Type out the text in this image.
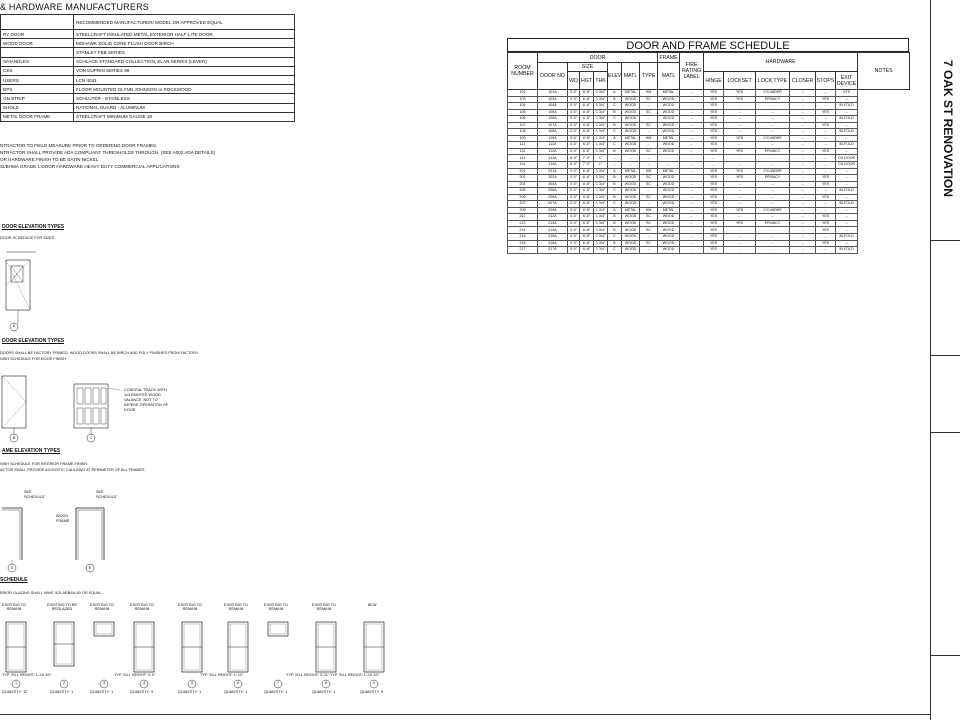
& HARDWARE MANUFACTURERS
	RECOMMENDED MANUFACTURER/ MODEL OR APPROVED EQUAL
RY DOOR	STEELCRAFT INSULATED METAL EXTERIOR HALF-LITE DOOR
WOOD DOOR	MOHAWK SOLID CORE FLUSH DOOR BIRCH
	STANLEY FBB SERIES
S/HANDLES	SCHLAGE STANDARD COLLECTION, ELAN SERIES (LEVER)
CES	VON DUPRIN SERIES 99
USERS	LCN 4041
DPS	FLOOR MOUNTED GLYNN JOHNSON or ROCKWOOD
ON STRIP	SCHLUTER - STAINLESS
SHOLD	NATIONAL GUARD - ALUMINUM
METAL DOOR FRAME	STEELCRAFT MINIMUM GAUGE 18
NTRACTOR TO FIELD MEASURE PRIOR TO ORDERING DOOR FRAMES.
NTRACTOR SHALL PROVIDE ADA COMPLIANT THRESHOLDS THROUGH. (SEE A002 ADA DETAILS)
OR HARDWARE FINISH TO BE SATIN NICKEL
SI/BHMA GRADE 1 DOOR HARDWARE HEAVY DUTY COMMERCIAL APPLICATIONS
DOOR ELEVATION TYPES
DOOR SCHEDULE FOR SIZES.
A
DOOR ELEVATION TYPES
DOORS SHALL BE FACTORY PRIMED. WOOD DOORS SHALL BE BIRCH AND POLY FINISHED FROM FACTORY.
NISH SCHEDULE FOR DOOR FINISH.
B	C
CONCEAL TRACK WITH 1x3 PAINTED WOOD VALANCE, NOT TO IMPEDE OPERATION OF DOOR
AME ELEVATION TYPES
NISH SCHEDULE FOR INTERIOR FRAME FINISH.
ACTOR SHALL PROVIDE ACOUSTIC CAULKING AT PERIMETER OF ALL FRAMES.
SEE SCHEDULE
SEE SCHEDULE
WOOD FRAME
D	E
SCHEDULE
ERIOR GLAZING SHALL HAVE SOLARBAN 60 OR EQUAL.
EXISTING TO REMAIN
1
QUANTITY: 12
EXISTING TO BE REGLAZED
2
QUANTITY: 1
EXISTING TO REMAIN
3
QUANTITY: 1
EXISTING TO REMAIN
4
QUANTITY: 9
EXISTING TO REMAIN
5
QUANTITY: 1
EXISTING TO REMAIN
6
QUANTITY: 1
EXISTING TO REMAIN
7
QUANTITY: 1
EXISTING TO REMAIN
8
QUANTITY: 1
NEW
9
QUANTITY: 5
TYP. SILL HEIGHT: 1'-10 1/2"	TYP. SILL HEIGHT: 4'-0"	TYP. SILL HEIGHT: 1'-10"	TYP. SILL HEIGHT: 3'-11" TYP. SILL HEIGHT: 1'-10 1/2"
DOOR AND FRAME SCHEDULE
ROOM NUMBER	DOOR							FRAME	FIRE RATING LABEL	HARDWARE						NOTES
	DOOR NO	SIZE			ELEV	MATL	TYPE	MATL								
		WD	HGT	THK						HINGE	LOCKSET	LOCK TYPE	CLOSER	STOPS	EXIT DEVICE	
101	101A	2'-0"	6'-8"	1 3/4"	A	METAL	HM	METAL	--	YES	YES	CYLINDER	--	--	STK	
103	103A	3'-0"	6'-8"	1 3/4"	B	WOOD	SC	WOOD	--	YES	YES	PRIVACY	--	YES	--	
104	104A	4'-0"	6'-8"	1 3/4"	C	WOOD	--	WOOD	--	YES	--	--	--	--	BI-FOLD	
105	105A	3'-0"	6'-8"	1 3/4"	B	WOOD	SC	WOOD	--	YES	--	--	--	YES	--	
106	106A	3'-0"	6'-8"	1 3/4"	C	WOOD	--	WOOD	--	YES	--	--	--	--	BI-FOLD	
107	107A	3'-0"	6'-8"	1 3/4"	B	WOOD	SC	WOOD	--	YES	--	--	--	YES	--	
108	108A	2'-0"	6'-8"	1 3/4"	C	WOOD	--	WOOD	--	YES	--	--	--	--	BI-FOLD	
109	109A	3'-0"	6'-8"	1 3/4"	A	METAL	HM	METAL	--	YES	YES	CYLINDER	--	--	--	
111	111A	3'-0"	6'-8"	1 3/4"	C	WOOD	--	WOOD	--	YES	--	--	--	--	BI-FOLD	
112	112A	3'-0"	6'-8"	1 3/4"	B	WOOD	SC	WOOD	--	YES	YES	PRIVACY	--	YES	--	
113	113A	8'-0"	7'-0"	1"	--	--	--	--	--	--	--	--	--	--	CH DOOR	
114	114A	8'-0"	7'-0"	1"	--	--	--	--	--	--	--	--	--	--	CH DOOR	
201	201A	2'-0"	6'-8"	1 3/4"	A	METAL	HM	METAL	--	YES	YES	CYLINDER	--	--	--	
202	202A	3'-0"	6'-8"	1 3/4"	B	WOOD	SC	WOOD	--	YES	YES	PRIVACY	--	YES	--	
204	204A	3'-0"	6'-8"	1 3/4"	B	WOOD	SC	WOOD	--	YES	--	--	--	YES	--	
205	205A	2'-0"	6'-8"	1 3/4"	C	WOOD	--	WOOD	--	YES	--	--	--	--	BI-FOLD	
206	206A	3'-0"	6'-8"	1 3/4"	B	WOOD	SC	WOOD	--	YES	--	--	--	YES	--	
207	207A	2'-0"	6'-8"	1 3/4"	C	WOOD	--	WOOD	--	YES	--	--	--	--	BI-FOLD	
209	209A	3'-0"	6'-8"	1 3/4"	A	METAL	HM	METAL	--	YES	YES	CYLINDER	--	--	--	
212	212A	3'-0"	6'-8"	1 3/4"	B	WOOD	SC	WOOD	--	YES	--	--	--	YES	--	
213	213A	3'-0"	6'-8"	1 3/4"	B	WOOD	SC	WOOD	--	YES	YES	PRIVACY	--	YES	--	
214	214A	3'-0"	6'-8"	1 3/4"	B	WOOD	SC	WOOD	--	YES	--	--	--	YES	--	
215	215A	4'-0"	6'-8"	1 3/4"	C	WOOD	--	WOOD	--	YES	--	--	--	--	BI-FOLD	
216	216A	3'-0"	6'-8"	1 3/4"	B	WOOD	SC	WOOD	--	YES	--	--	--	YES	--	
217	217A	4'-0"	6'-8"	1 3/4"	C	WOOD	--	WOOD	--	YES	--	--	--	--	BI-FOLD	
7 OAK ST RENOVATION
